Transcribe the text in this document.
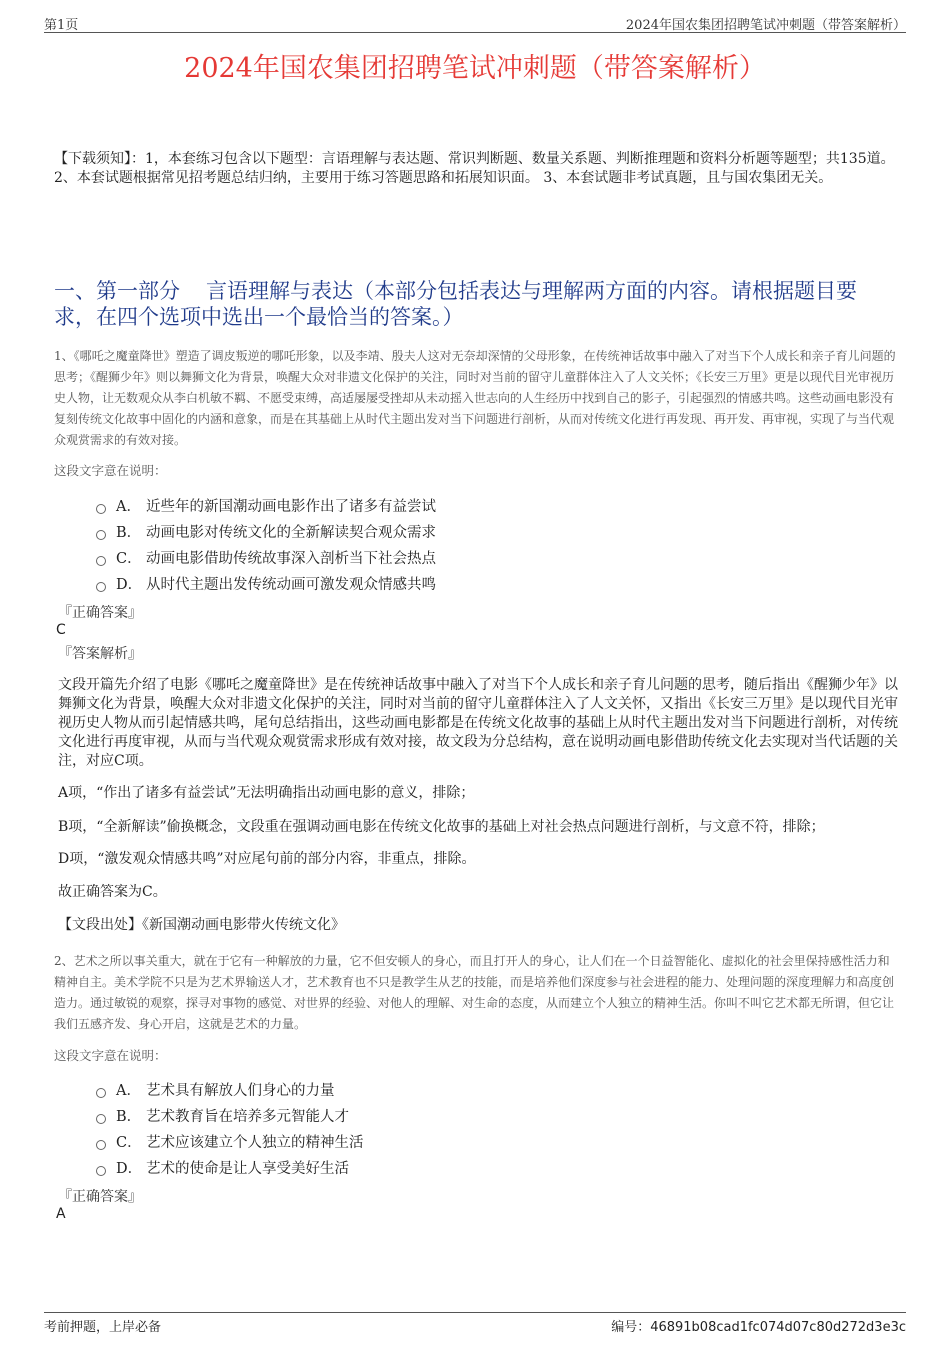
第1页	2024年国农集团招聘笔试冲刺题（带答案解析）
2024年国农集团招聘笔试冲刺题（带答案解析）
【下载须知】：1，本套练习包含以下题型：言语理解与表达题、常识判断题、数量关系题、判断推理题和资料分析题等题型；共135道。 2、本套试题根据常见招考题总结归纳，主要用于练习答题思路和拓展知识面。 3、本套试题非考试真题，且与国农集团无关。
一、第一部分 言语理解与表达（本部分包括表达与理解两方面的内容。请根据题目要求，在四个选项中选出一个最恰当的答案。）
1、《哪吒之魔童降世》塑造了调皮叛逆的哪吒形象，以及李靖、殷夫人这对无奈却深情的父母形象，在传统神话故事中融入了对当下个人成长和亲子育儿问题的思考；《醒狮少年》则以舞狮文化为背景，唤醒大众对非遗文化保护的关注，同时对当前的留守儿童群体注入了人文关怀；《长安三万里》更是以现代目光审视历史人物，让无数观众从李白机敏不羁、不愿受束缚，高适屡屡受挫却从未动摇入世志向的人生经历中找到自己的影子，引起强烈的情感共鸣。这些动画电影没有复刻传统文化故事中固化的内涵和意象，而是在其基础上从时代主题出发对当下问题进行剖析，从而对传统文化进行再发现、再开发、再审视，实现了与当代观众观赏需求的有效对接。
这段文字意在说明：
A． 近些年的新国潮动画电影作出了诸多有益尝试
B． 动画电影对传统文化的全新解读契合观众需求
C． 动画电影借助传统故事深入剖析当下社会热点
D． 从时代主题出发传统动画可激发观众情感共鸣
『正确答案』
C
『答案解析』
文段开篇先介绍了电影《哪吒之魔童降世》是在传统神话故事中融入了对当下个人成长和亲子育儿问题的思考，随后指出《醒狮少年》以舞狮文化为背景，唤醒大众对非遗文化保护的关注，同时对当前的留守儿童群体注入了人文关怀，又指出《长安三万里》是以现代目光审视历史人物从而引起情感共鸣，尾句总结指出，这些动画电影都是在传统文化故事的基础上从时代主题出发对当下问题进行剖析，对传统文化进行再度审视，从而与当代观众观赏需求形成有效对接，故文段为分总结构，意在说明动画电影借助传统文化去实现对当代话题的关注，对应C项。
A项，“作出了诸多有益尝试”无法明确指出动画电影的意义，排除；
B项，“全新解读”偷换概念，文段重在强调动画电影在传统文化故事的基础上对社会热点问题进行剖析，与文意不符，排除；
D项，“激发观众情感共鸣”对应尾句前的部分内容，非重点，排除。
故正确答案为C。
【文段出处】《新国潮动画电影带火传统文化》
2、艺术之所以事关重大，就在于它有一种解放的力量，它不但安顿人的身心，而且打开人的身心，让人们在一个日益智能化、虚拟化的社会里保持感性活力和精神自主。美术学院不只是为艺术界输送人才，艺术教育也不只是教学生从艺的技能，而是培养他们深度参与社会进程的能力、处理问题的深度理解力和高度创造力。通过敏锐的观察，探寻对事物的感觉、对世界的经验、对他人的理解、对生命的态度，从而建立个人独立的精神生活。你叫不叫它艺术都无所谓，但它让我们五感齐发、身心开启，这就是艺术的力量。
这段文字意在说明：
A． 艺术具有解放人们身心的力量
B． 艺术教育旨在培养多元智能人才
C． 艺术应该建立个人独立的精神生活
D． 艺术的使命是让人享受美好生活
『正确答案』
A
考前押题，上岸必备	编号：46891b08cad1fc074d07c80d272d3e3c
